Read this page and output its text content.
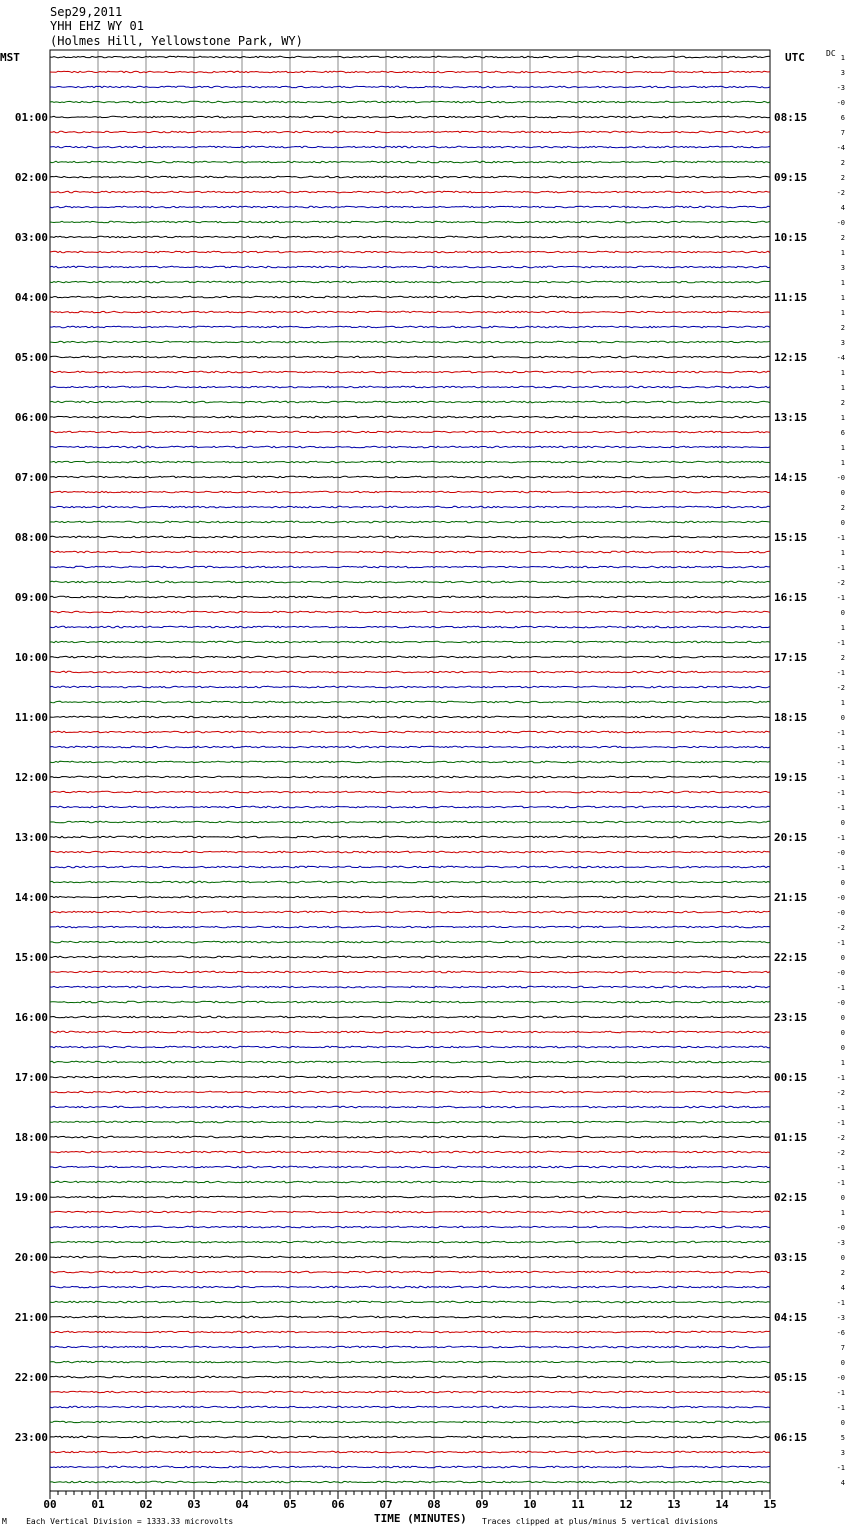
Sep29,2011
YHH EHZ WY 01
(Holmes Hill, Yellowstone Park, WY)
MST	UTC	DC 1
3
-3
-0
6
7
-4
2
2
-2
4
-0
2
1
3
1
1
1
2
3
-4
1
1
2
1
6
1
1
-0
0
2
0
-1
1
-1
-2
-1
0
1
-1
2
-1
-2
1
0
-1
-1
-1
-1
-1
-1
0
-1
-0
-1
0
-0
-0
-2
-1
0
-0
-1
-0
0
0
0
1
-1
-2
-1
-1
-2
-2
-1
-1
0
1
-0
-3
0
2
4
-1
-3
-6
7
0
-0
-1
-1
0
5
3
-1
4
01:00
02:00
03:00
04:00
05:00
06:00
07:00
08:00
09:00
10:00
11:00
12:00
13:00
14:00
15:00
16:00
17:00
18:00
19:00
20:00
21:00
22:00
23:00
08:15
09:15
10:15
11:15
12:15
13:15
14:15
15:15
16:15
17:15
18:15
19:15
20:15
21:15
22:15
23:15
00:15
01:15
02:15
03:15
04:15
05:15
06:15
00	01	02	03	04	05	06	07	08	09	10	11	12	13	14	15
M Each Vertical Division = 1333.33 microvolts	TIME (MINUTES) Traces clipped at plus/minus 5 vertical divisions
